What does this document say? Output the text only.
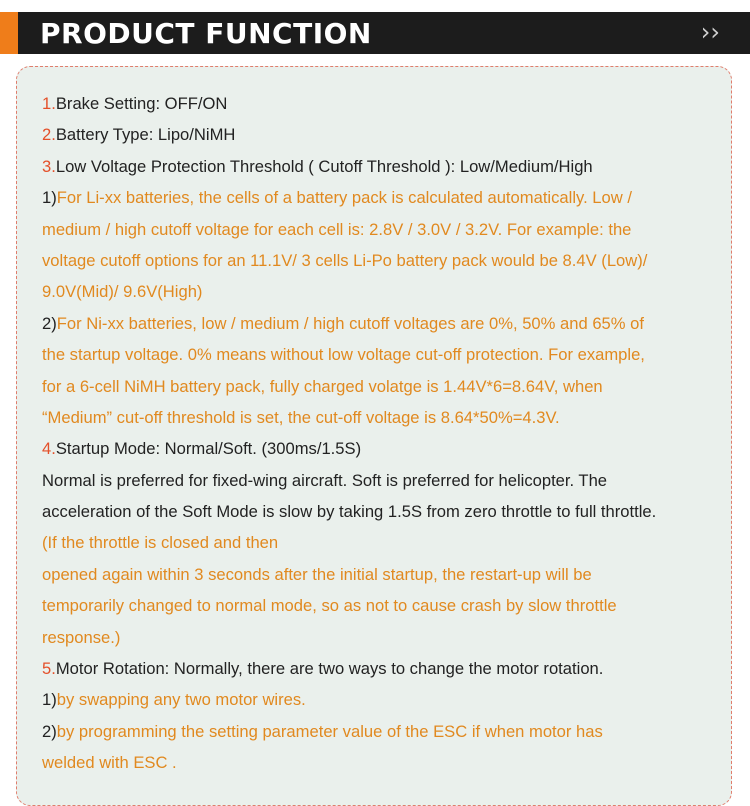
PRODUCT FUNCTION	››
1.Brake Setting: OFF/ON
2.Battery Type: Lipo/NiMH
3.Low Voltage Protection Threshold ( Cutoff Threshold ): Low/Medium/High
1)For Li-xx batteries, the cells of a battery pack is calculated automatically. Low /
medium / high cutoff voltage for each cell is: 2.8V / 3.0V / 3.2V. For example: the
voltage cutoff options for an 11.1V/ 3 cells Li-Po battery pack would be 8.4V (Low)/
9.0V(Mid)/ 9.6V(High)
2)For Ni-xx batteries, low / medium / high cutoff voltages are 0%, 50% and 65% of
the startup voltage. 0% means without low voltage cut-off protection. For example,
for a 6-cell NiMH battery pack, fully charged volatge is 1.44V*6=8.64V, when
“Medium” cut-off threshold is set, the cut-off voltage is 8.64*50%=4.3V.
4.Startup Mode: Normal/Soft. (300ms/1.5S)
Normal is preferred for fixed-wing aircraft. Soft is preferred for helicopter. The
acceleration of the Soft Mode is slow by taking 1.5S from zero throttle to full throttle.
(If the throttle is closed and then
opened again within 3 seconds after the initial startup, the restart-up will be
temporarily changed to normal mode, so as not to cause crash by slow throttle
response.)
5.Motor Rotation: Normally, there are two ways to change the motor rotation.
1)by swapping any two motor wires.
2)by programming the setting parameter value of the ESC if when motor has
welded with ESC .
